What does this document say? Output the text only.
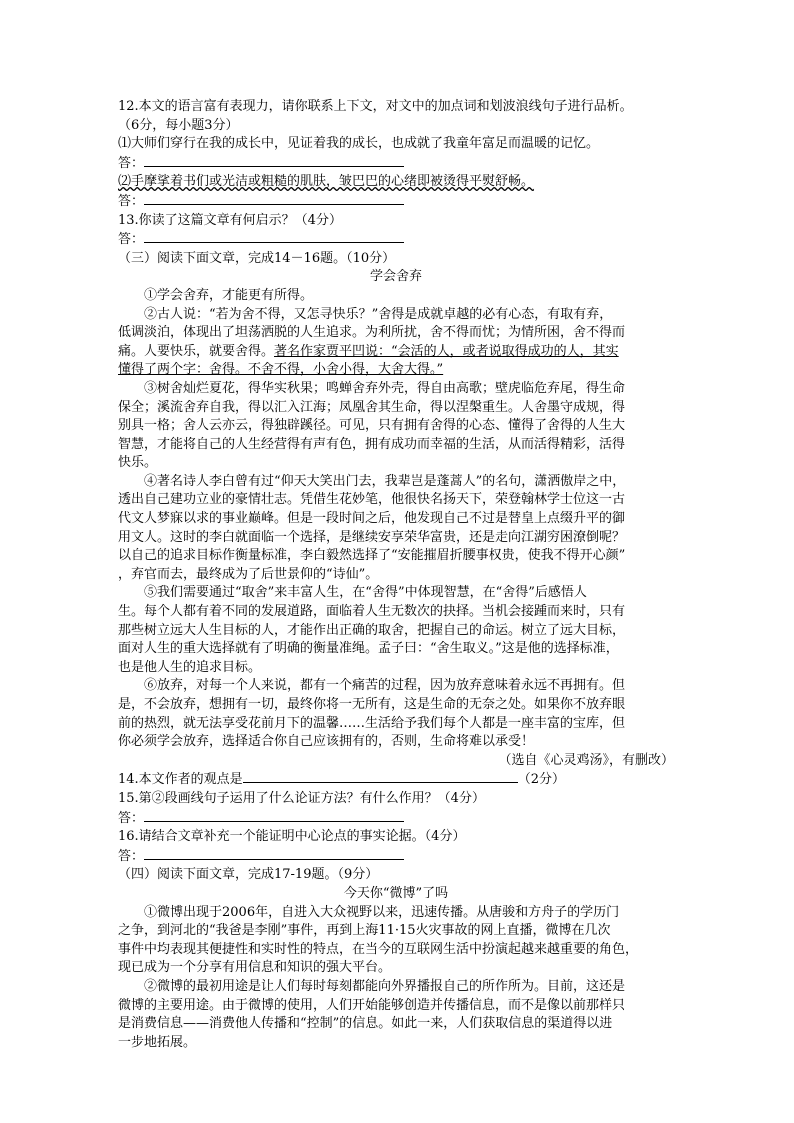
12.本文的语言富有表现力，请你联系上下文，对文中的加点词和划波浪线句子进行品析。
（6分，每小题3分）
⑴大师们穿行在我的成长中，见证着我的成长，也成就了我童年富足而温暖的记忆。
答：
⑵手摩挲着书们或光洁或粗糙的肌肤，皱巴巴的心绪即被烫得平熨舒畅。
答：
13.你读了这篇文章有何启示？（4分）
答：
（三）阅读下面文章，完成14－16题。（10分）
学会舍弃
①学会舍弃，才能更有所得。
②古人说：“若为舍不得，又怎寻快乐？”舍得是成就卓越的必有心态，有取有弃，
低调淡泊，体现出了坦荡洒脱的人生追求。为利所扰，舍不得而忧；为情所困，舍不得而
痛。人要快乐，就要舍得。著名作家贾平凹说：“会活的人，或者说取得成功的人，其实
懂得了两个字：舍得。不舍不得，小舍小得，大舍大得。”
③树舍灿烂夏花，得华实秋果；鸣蝉舍弃外壳，得自由高歌；壁虎临危弃尾，得生命
保全；溪流舍弃自我，得以汇入江海；凤凰舍其生命，得以涅槃重生。人舍墨守成规，得
别具一格；舍人云亦云，得独辟蹊径。可见，只有拥有舍得的心态、懂得了舍得的人生大
智慧，才能将自己的人生经营得有声有色，拥有成功而幸福的生活，从而活得精彩，活得
快乐。
④著名诗人李白曾有过“仰天大笑出门去，我辈岂是蓬蒿人”的名句，潇洒傲岸之中，
透出自己建功立业的豪情壮志。凭借生花妙笔，他很快名扬天下，荣登翰林学士位这一古
代文人梦寐以求的事业巅峰。但是一段时间之后，他发现自己不过是替皇上点缀升平的御
用文人。这时的李白就面临一个选择，是继续安享荣华富贵，还是走向江湖穷困潦倒呢？
以自己的追求目标作衡量标准，李白毅然选择了“安能摧眉折腰事权贵，使我不得开心颜”
，弃官而去，最终成为了后世景仰的“诗仙”。
⑤我们需要通过“取舍”来丰富人生，在“舍得”中体现智慧，在“舍得”后感悟人
生。每个人都有着不同的发展道路，面临着人生无数次的抉择。当机会接踵而来时，只有
那些树立远大人生目标的人，才能作出正确的取舍，把握自己的命运。树立了远大目标，
面对人生的重大选择就有了明确的衡量准绳。孟子曰：“舍生取义。”这是他的选择标准，
也是他人生的追求目标。
⑥放弃，对每一个人来说，都有一个痛苦的过程，因为放弃意味着永远不再拥有。但
是，不会放弃，想拥有一切，最终你将一无所有，这是生命的无奈之处。如果你不放弃眼
前的热烈，就无法享受花前月下的温馨……生活给予我们每个人都是一座丰富的宝库，但
你必须学会放弃，选择适合你自己应该拥有的，否则，生命将难以承受！
（选自《心灵鸡汤》，有删改）
14.本文作者的观点是	（2分）
15.第②段画线句子运用了什么论证方法？有什么作用？（4分）
答：
16.请结合文章补充一个能证明中心论点的事实论据。（4分）
答：
（四）阅读下面文章，完成17-19题。（9分）
今天你“微博”了吗
①微博出现于2006年，自进入大众视野以来，迅速传播。从唐骏和方舟子的学历门
之争，到河北的“我爸是李刚”事件，再到上海11·15火灾事故的网上直播，微博在几次
事件中均表现其便捷性和实时性的特点，在当今的互联网生活中扮演起越来越重要的角色，
现已成为一个分享有用信息和知识的强大平台。
②微博的最初用途是让人们每时每刻都能向外界播报自己的所作所为。目前，这还是
微博的主要用途。由于微博的使用，人们开始能够创造并传播信息，而不是像以前那样只
是消费信息——消费他人传播和“控制”的信息。如此一来，人们获取信息的渠道得以进
一步地拓展。
